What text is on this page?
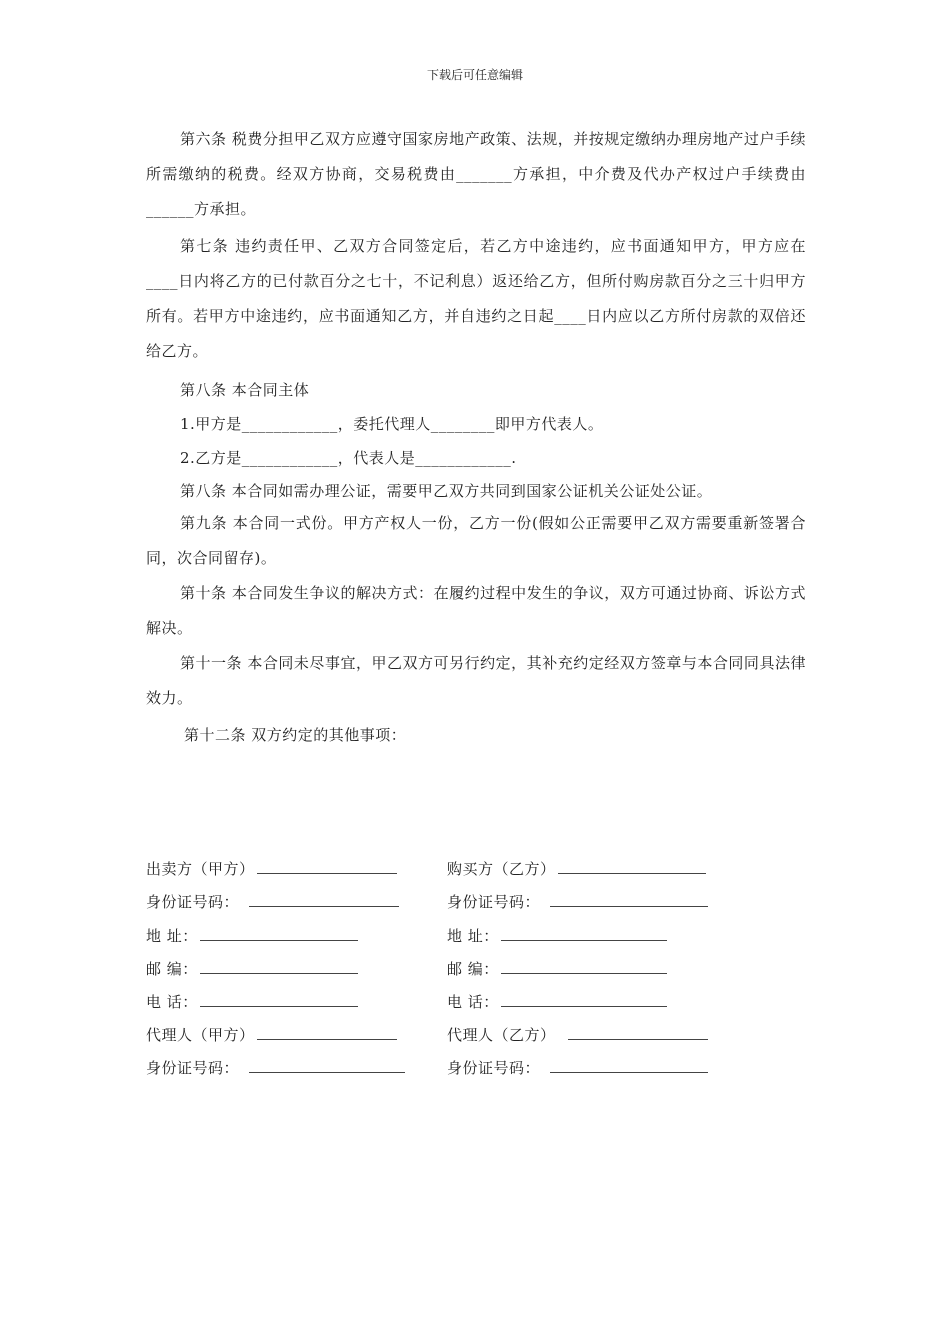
下载后可任意编辑

第六条 税费分担甲乙双方应遵守国家房地产政策、法规，并按规定缴纳办理房地产过户手续所需缴纳的税费。经双方协商，交易税费由_______方承担，中介费及代办产权过户手续费由______方承担。

第七条 违约责任甲、乙双方合同签定后，若乙方中途违约，应书面通知甲方，甲方应在____日内将乙方的已付款百分之七十，不记利息）返还给乙方，但所付购房款百分之三十归甲方所有。若甲方中途违约，应书面通知乙方，并自违约之日起____日内应以乙方所付房款的双倍还给乙方。

第八条 本合同主体
1.甲方是____________，委托代理人________即甲方代表人。
2.乙方是____________，代表人是____________.
第八条 本合同如需办理公证，需要甲乙双方共同到国家公证机关公证处公证。

第九条 本合同一式份。甲方产权人一份，乙方一份(假如公正需要甲乙双方需要重新签署合同，次合同留存)。

第十条 本合同发生争议的解决方式：在履约过程中发生的争议，双方可通过协商、诉讼方式解决。

第十一条 本合同未尽事宜，甲乙双方可另行约定，其补充约定经双方签章与本合同同具法律效力。

第十二条 双方约定的其他事项：
出卖方（甲方）
身份证号码：
地 址：
邮 编：
电 话：
代理人（甲方）
身份证号码：
购买方（乙方）
身份证号码：
地 址：
邮 编：
电 话：
代理人（乙方）
身份证号码：
